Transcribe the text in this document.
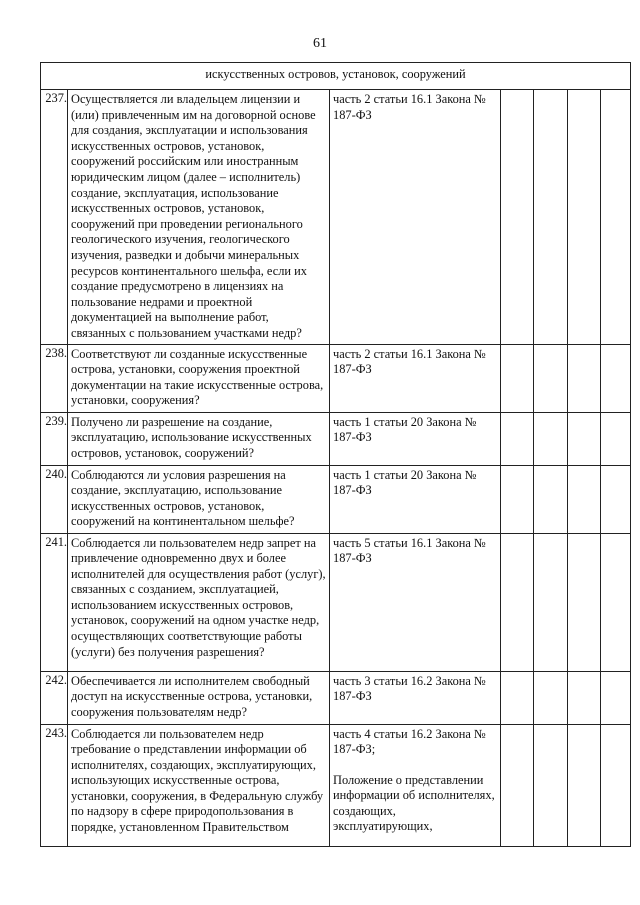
61
искусственных островов, установок, сооружений						
237.	Осуществляется ли владельцем лицензии и (или) привлеченным им на договорной основе для создания, эксплуатации и использования искусственных островов, установок, сооружений российским или иностранным юридическим лицом (далее – исполнитель) создание, эксплуатация, использование искусственных островов, установок, сооружений при проведении регионального геологического изучения, геологического изучения, разведки и добычи минеральных ресурсов континентального шельфа, если их создание предусмотрено в лицензиях на пользование недрами и проектной документацией на выполнение работ, связанных с пользованием участками недр?	часть 2 статьи 16.1 Закона № 187-ФЗ				

238.	Соответствуют ли созданные искусственные острова, установки, сооружения проектной документации на такие искусственные острова, установки, сооружения?	часть 2 статьи 16.1 Закона № 187-ФЗ				

239.	Получено ли разрешение на создание, эксплуатацию, использование искусственных островов, установок, сооружений?	часть 1 статьи 20 Закона № 187-ФЗ				

240.	Соблюдаются ли условия разрешения на создание, эксплуатацию, использование искусственных островов, установок, сооружений на континентальном шельфе?	часть 1 статьи 20 Закона № 187-ФЗ				

241.	Соблюдается ли пользователем недр запрет на привлечение одновременно двух и более исполнителей для осуществления работ (услуг), связанных с созданием, эксплуатацией, использованием искусственных островов, установок, сооружений на одном участке недр, осуществляющих соответствующие работы (услуги) без получения разрешения?	часть 5 статьи 16.1 Закона № 187-ФЗ				

242.	Обеспечивается ли исполнителем свободный доступ на искусственные острова, установки, сооружения пользователям недр?	часть 3 статьи 16.2 Закона № 187-ФЗ				

243.	Соблюдается ли пользователем недр требование о представлении информации об исполнителях, создающих, эксплуатирующих, использующих искусственные острова, установки, сооружения, в Федеральную службу по надзору в сфере природопользования в порядке, установленном Правительством	часть 4 статьи 16.2 Закона № 187-ФЗ;
Положение о представлении информации об исполнителях, создающих, эксплуатирующих,				
